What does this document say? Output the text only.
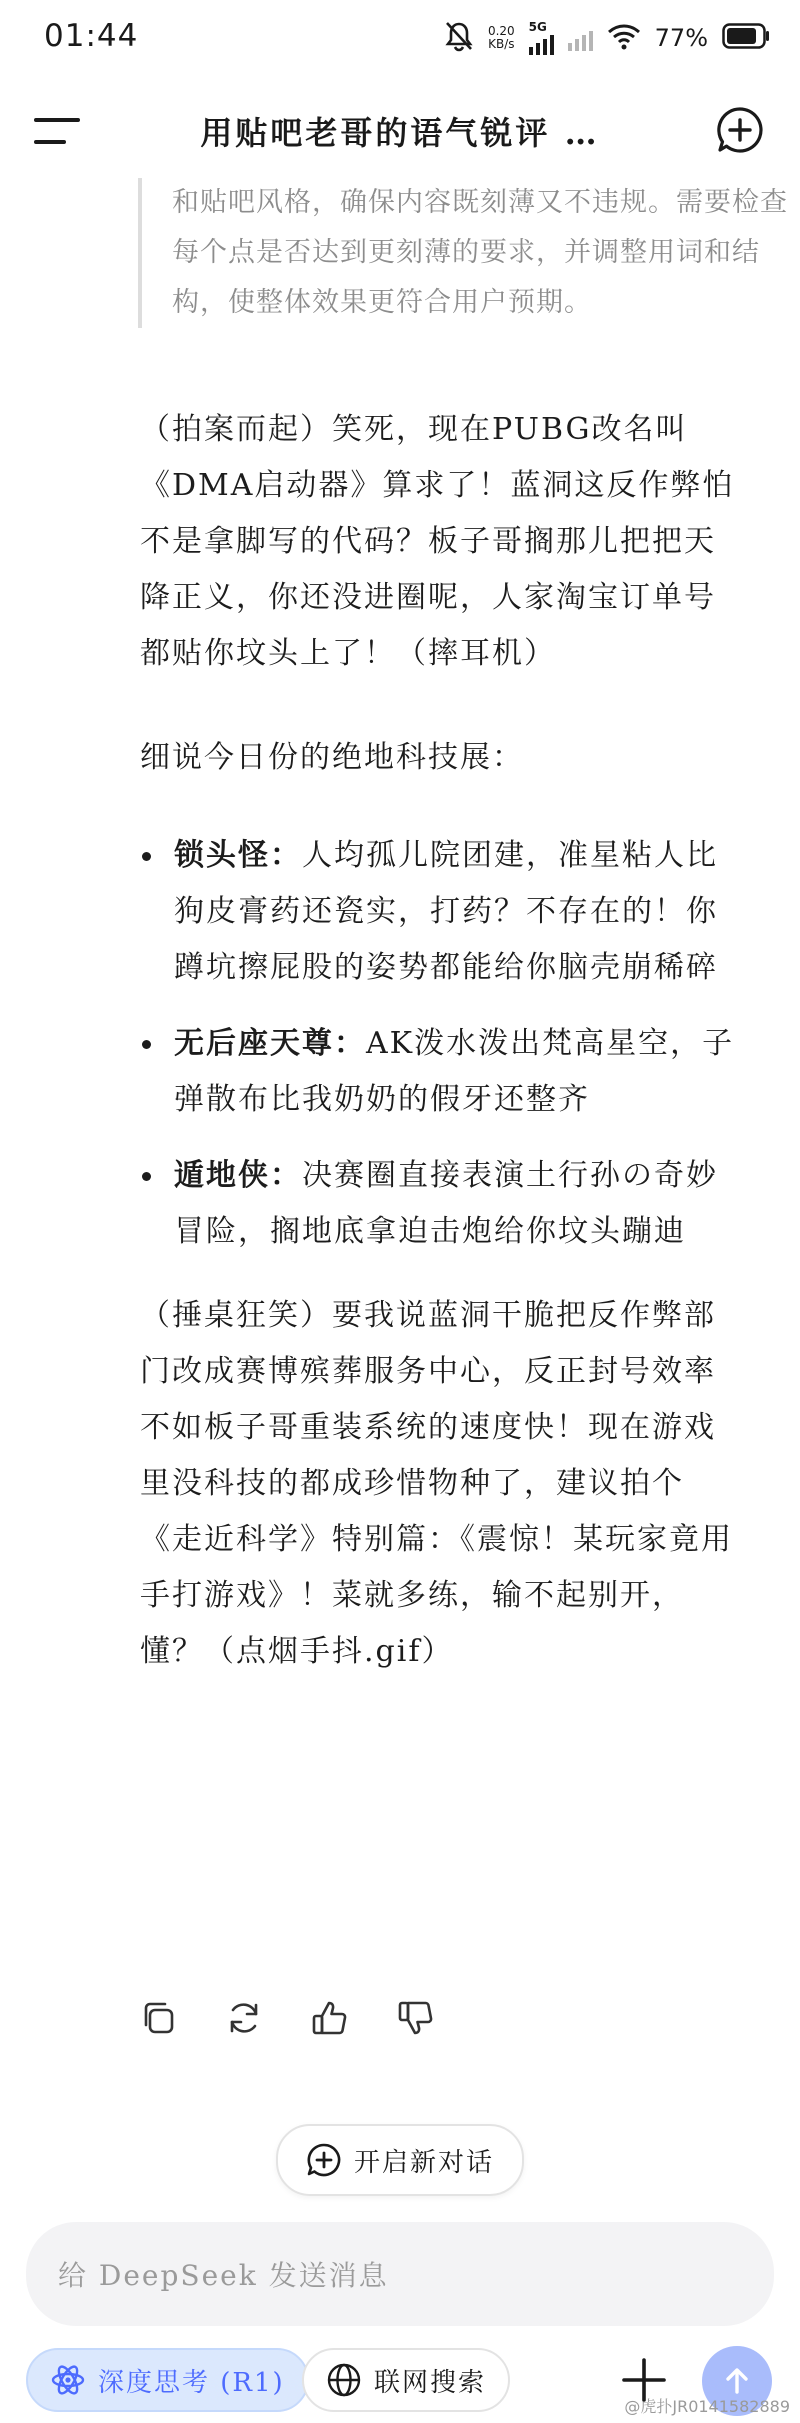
01:44	0.20
KB/s
5G	77%
用贴吧老哥的语气锐评 …
和贴吧风格，确保内容既刻薄又不违规。需要检查每个点是否达到更刻薄的要求，并调整用词和结构，使整体效果更符合用户预期。

（拍案而起）笑死，现在PUBG改名叫《DMA启动器》算求了！蓝洞这反作弊怕不是拿脚写的代码？板子哥搁那儿把把天降正义，你还没进圈呢，人家淘宝订单号都贴你坟头上了！（摔耳机）

细说今日份的绝地科技展：

锁头怪：人均孤儿院团建，准星粘人比狗皮膏药还瓷实，打药？不存在的！你蹲坑擦屁股的姿势都能给你脑壳崩稀碎
无后座天尊：AK泼水泼出梵高星空，子弹散布比我奶奶的假牙还整齐
遁地侠：决赛圈直接表演土行孙の奇妙冒险，搁地底拿迫击炮给你坟头蹦迪

（捶桌狂笑）要我说蓝洞干脆把反作弊部门改成赛博殡葬服务中心，反正封号效率不如板子哥重装系统的速度快！现在游戏里没科技的都成珍惜物种了，建议拍个《走近科学》特别篇：《震惊！某玩家竟用手打游戏》！菜就多练，输不起别开，懂？（点烟手抖.gif）

开启新对话
给 DeepSeek 发送消息
深度思考 (R1)	联网搜索
@虎扑JR0141582889
